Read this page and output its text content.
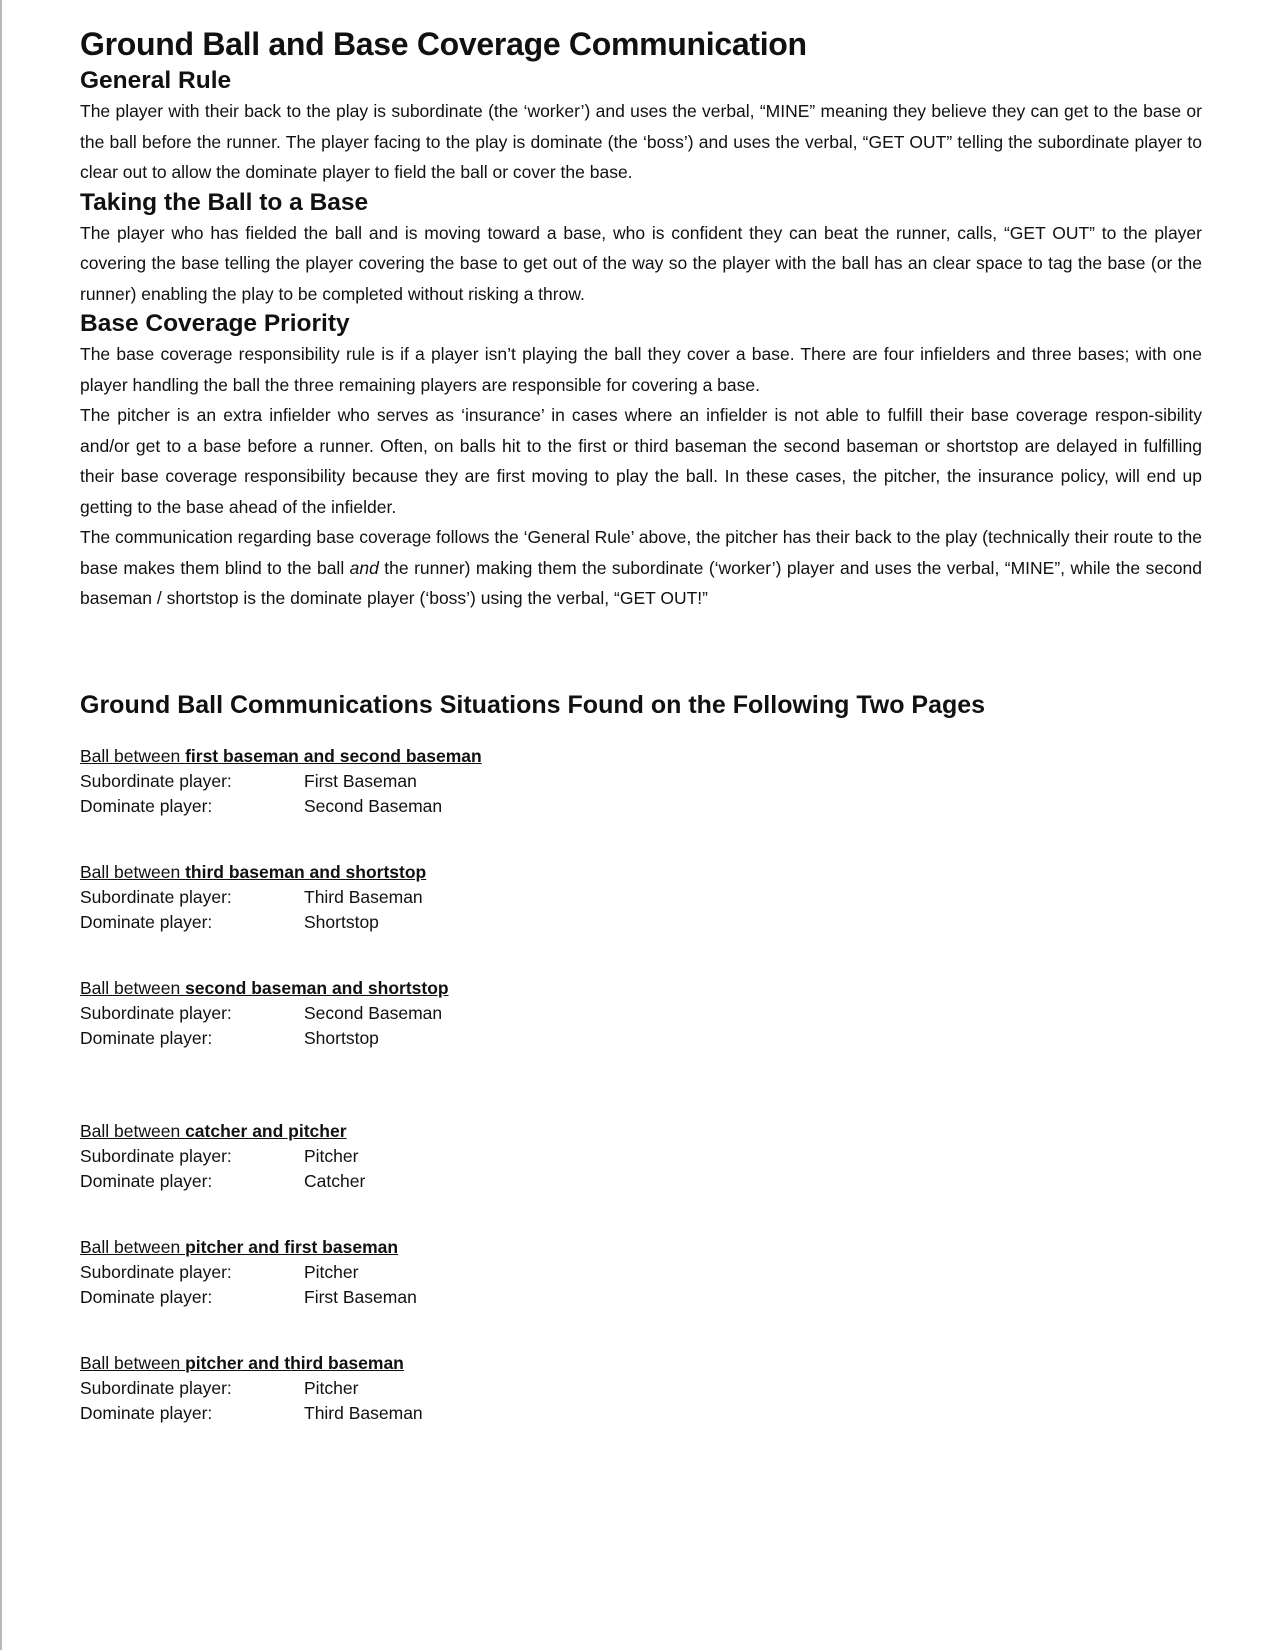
Ground Ball and Base Coverage Communication
General Rule

The player with their back to the play is subordinate (the ‘worker’) and uses the verbal, “MINE” meaning they believe they can get to the base or the ball before the runner. The player facing to the play is dominate (the ‘boss’) and uses the verbal, “GET OUT” telling the subordinate player to clear out to allow the dominate player to field the ball or cover the base.

Taking the Ball to a Base

The player who has fielded the ball and is moving toward a base, who is confident they can beat the runner, calls, “GET OUT” to the player covering the base telling the player covering the base to get out of the way so the player with the ball has an clear space to tag the base (or the runner) enabling the play to be completed without risking a throw.

Base Coverage Priority

The base coverage responsibility rule is if a player isn’t playing the ball they cover a base. There are four infielders and three bases; with one player handling the ball the three remaining players are responsible for covering a base.

The pitcher is an extra infielder who serves as ‘insurance’ in cases where an infielder is not able to fulfill their base coverage respon-sibility and/or get to a base before a runner. Often, on balls hit to the first or third baseman the second baseman or shortstop are delayed in fulfilling their base coverage responsibility because they are first moving to play the ball. In these cases, the pitcher, the insurance policy, will end up getting to the base ahead of the infielder.

The communication regarding base coverage follows the ‘General Rule’ above, the pitcher has their back to the play (technically their route to the base makes them blind to the ball and the runner) making them the subordinate (‘worker’) player and uses the verbal, “MINE”, while the second baseman / shortstop is the dominate player (‘boss’) using the verbal, “GET OUT!”

Ground Ball Communications Situations Found on the Following Two Pages
Ball between first baseman and second baseman
Subordinate player:	First Baseman
Dominate player:	Second Baseman
Ball between third baseman and shortstop
Subordinate player:	Third Baseman
Dominate player:	Shortstop
Ball between second baseman and shortstop
Subordinate player:	Second Baseman
Dominate player:	Shortstop
Ball between catcher and pitcher
Subordinate player:	Pitcher
Dominate player:	Catcher
Ball between pitcher and first baseman
Subordinate player:	Pitcher
Dominate player:	First Baseman
Ball between pitcher and third baseman
Subordinate player:	Pitcher
Dominate player:	Third Baseman
